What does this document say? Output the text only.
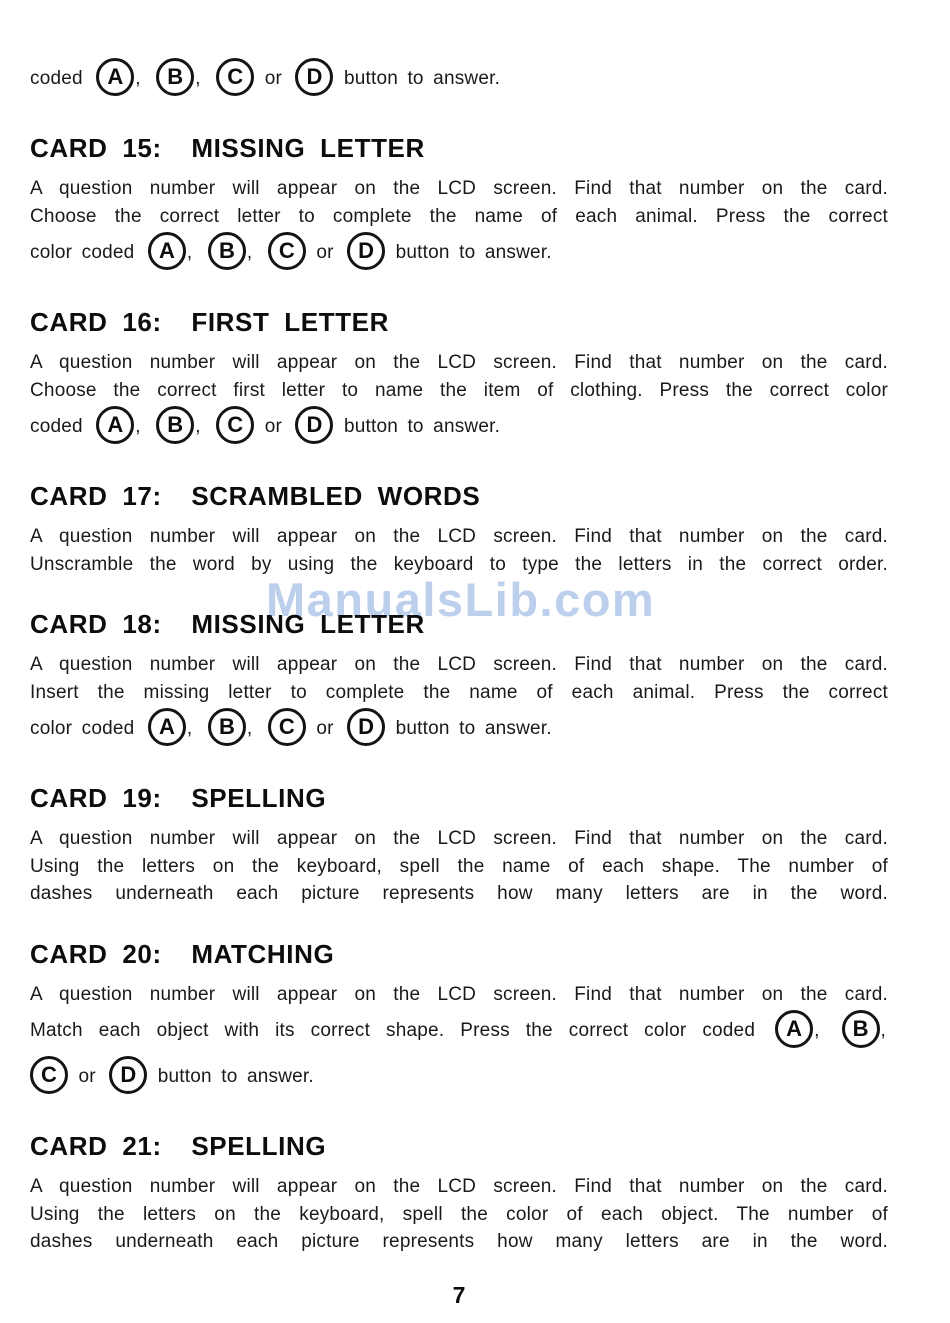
ManualsLib.com

coded A , B , C or D button to answer.

CARD 15:  MISSING LETTER
A question number will appear on the LCD screen. Find that number on the card.
Choose the correct letter to complete the name of each animal. Press the correct

color coded A , B , C or D button to answer.

CARD 16:  FIRST LETTER
A question number will appear on the LCD screen. Find that number on the card.
Choose the correct first letter to name the item of clothing. Press the correct color

coded A , B , C or D button to answer.

CARD 17:  SCRAMBLED WORDS
A question number will appear on the LCD screen. Find that number on the card.
Unscramble the word by using the keyboard to type the letters in the correct order.
CARD 18:  MISSING LETTER
A question number will appear on the LCD screen. Find that number on the card.
Insert the missing letter to complete the name of each animal. Press the correct

color coded A , B , C or D button to answer.

CARD 19:  SPELLING
A question number will appear on the LCD screen. Find that number on the card.
Using the letters on the keyboard, spell the name of each shape. The number of
dashes underneath each picture represents how many letters are in the word.
CARD 20:  MATCHING
A question number will appear on the LCD screen. Find that number on the card.

Match each object with its correct shape. Press the correct color coded A , B ,

C or D button to answer.

CARD 21:  SPELLING
A question number will appear on the LCD screen. Find that number on the card.
Using the letters on the keyboard, spell the color of each object. The number of
dashes underneath each picture represents how many letters are in the word.
7
